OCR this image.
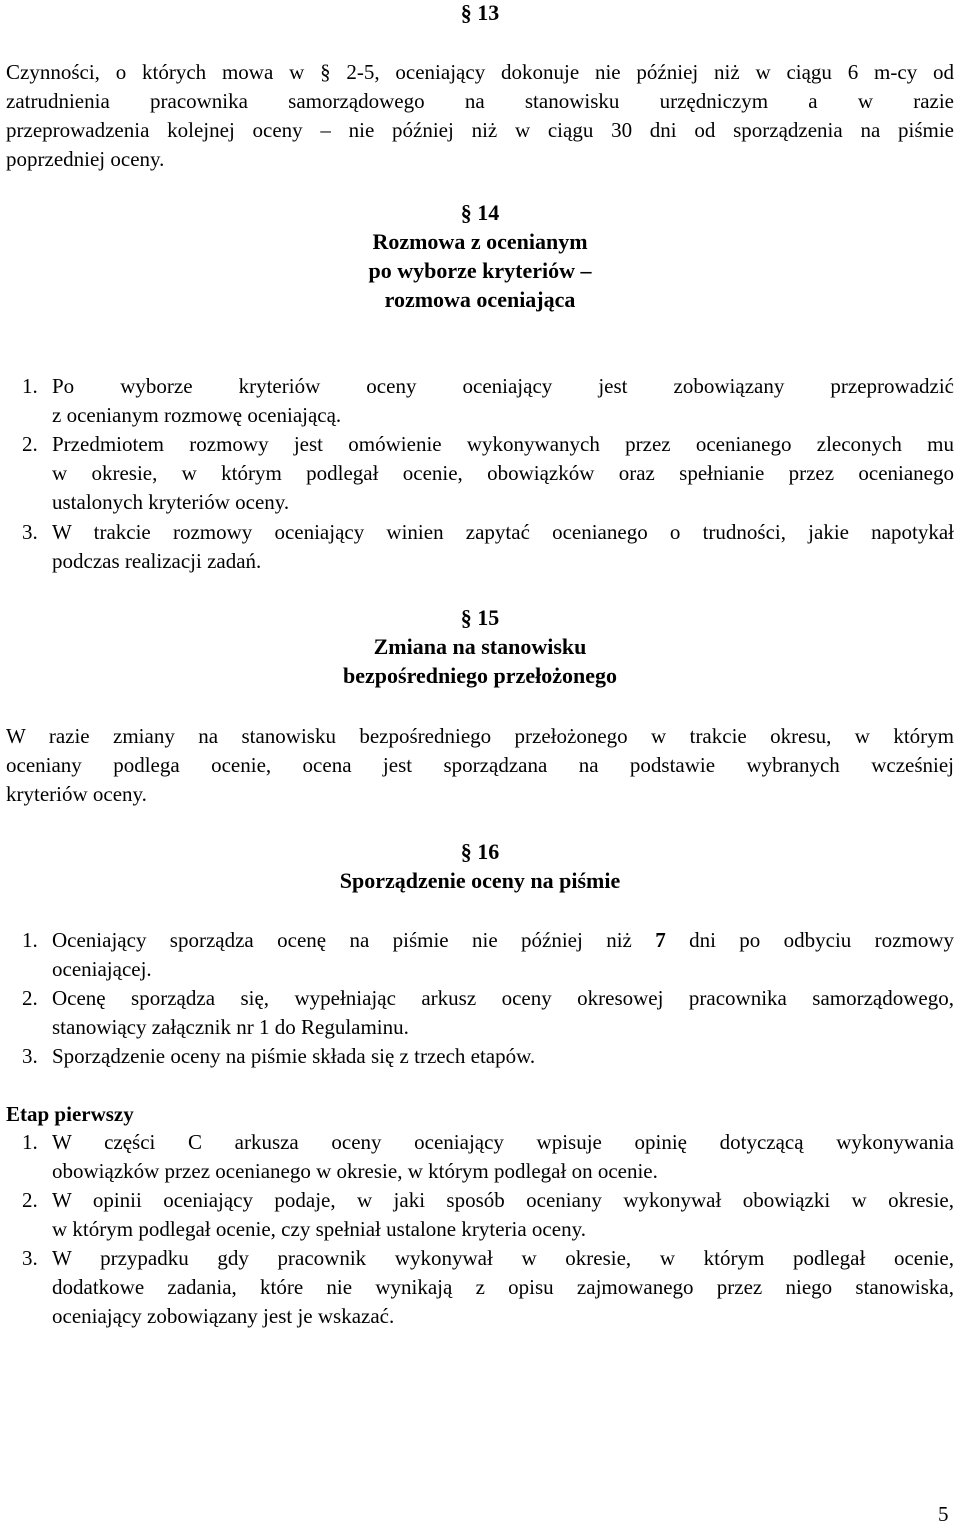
§ 13
Czynności, o których mowa w § 2-5, oceniający dokonuje nie później niż w ciągu 6 m-cy od
zatrudnienia pracownika samorządowego na stanowisku urzędniczym a w razie
przeprowadzenia kolejnej oceny – nie później niż w ciągu 30 dni od sporządzenia na piśmie
poprzedniej oceny.
§ 14
Rozmowa z ocenianym
po wyborze kryteriów –
rozmowa oceniająca
1. Po wyborze kryteriów oceny oceniający jest zobowiązany przeprowadzić
z ocenianym rozmowę oceniającą.
2. Przedmiotem rozmowy jest omówienie wykonywanych przez ocenianego zleconych mu
w okresie, w którym podlegał ocenie, obowiązków oraz spełnianie przez ocenianego
ustalonych kryteriów oceny.
3. W trakcie rozmowy oceniający winien zapytać ocenianego o trudności, jakie napotykał
podczas realizacji zadań.
§ 15
Zmiana na stanowisku
bezpośredniego przełożonego
W razie zmiany na stanowisku bezpośredniego przełożonego w trakcie okresu, w którym
oceniany podlega ocenie, ocena jest sporządzana na podstawie wybranych wcześniej
kryteriów oceny.
§ 16
Sporządzenie oceny na piśmie
1. Oceniający sporządza ocenę na piśmie nie później niż 7 dni po odbyciu rozmowy
oceniającej.
2. Ocenę sporządza się, wypełniając arkusz oceny okresowej pracownika samorządowego,
stanowiący załącznik nr 1 do Regulaminu.
3. Sporządzenie oceny na piśmie składa się z trzech etapów.
Etap pierwszy
1. W części C arkusza oceny oceniający wpisuje opinię dotyczącą wykonywania
obowiązków przez ocenianego w okresie, w którym podlegał on ocenie.
2. W opinii oceniający podaje, w jaki sposób oceniany wykonywał obowiązki w okresie,
w którym podlegał ocenie, czy spełniał ustalone kryteria oceny.
3. W przypadku gdy pracownik wykonywał w okresie, w którym podlegał ocenie,
dodatkowe zadania, które nie wynikają z opisu zajmowanego przez niego stanowiska,
oceniający zobowiązany jest je wskazać.
5
